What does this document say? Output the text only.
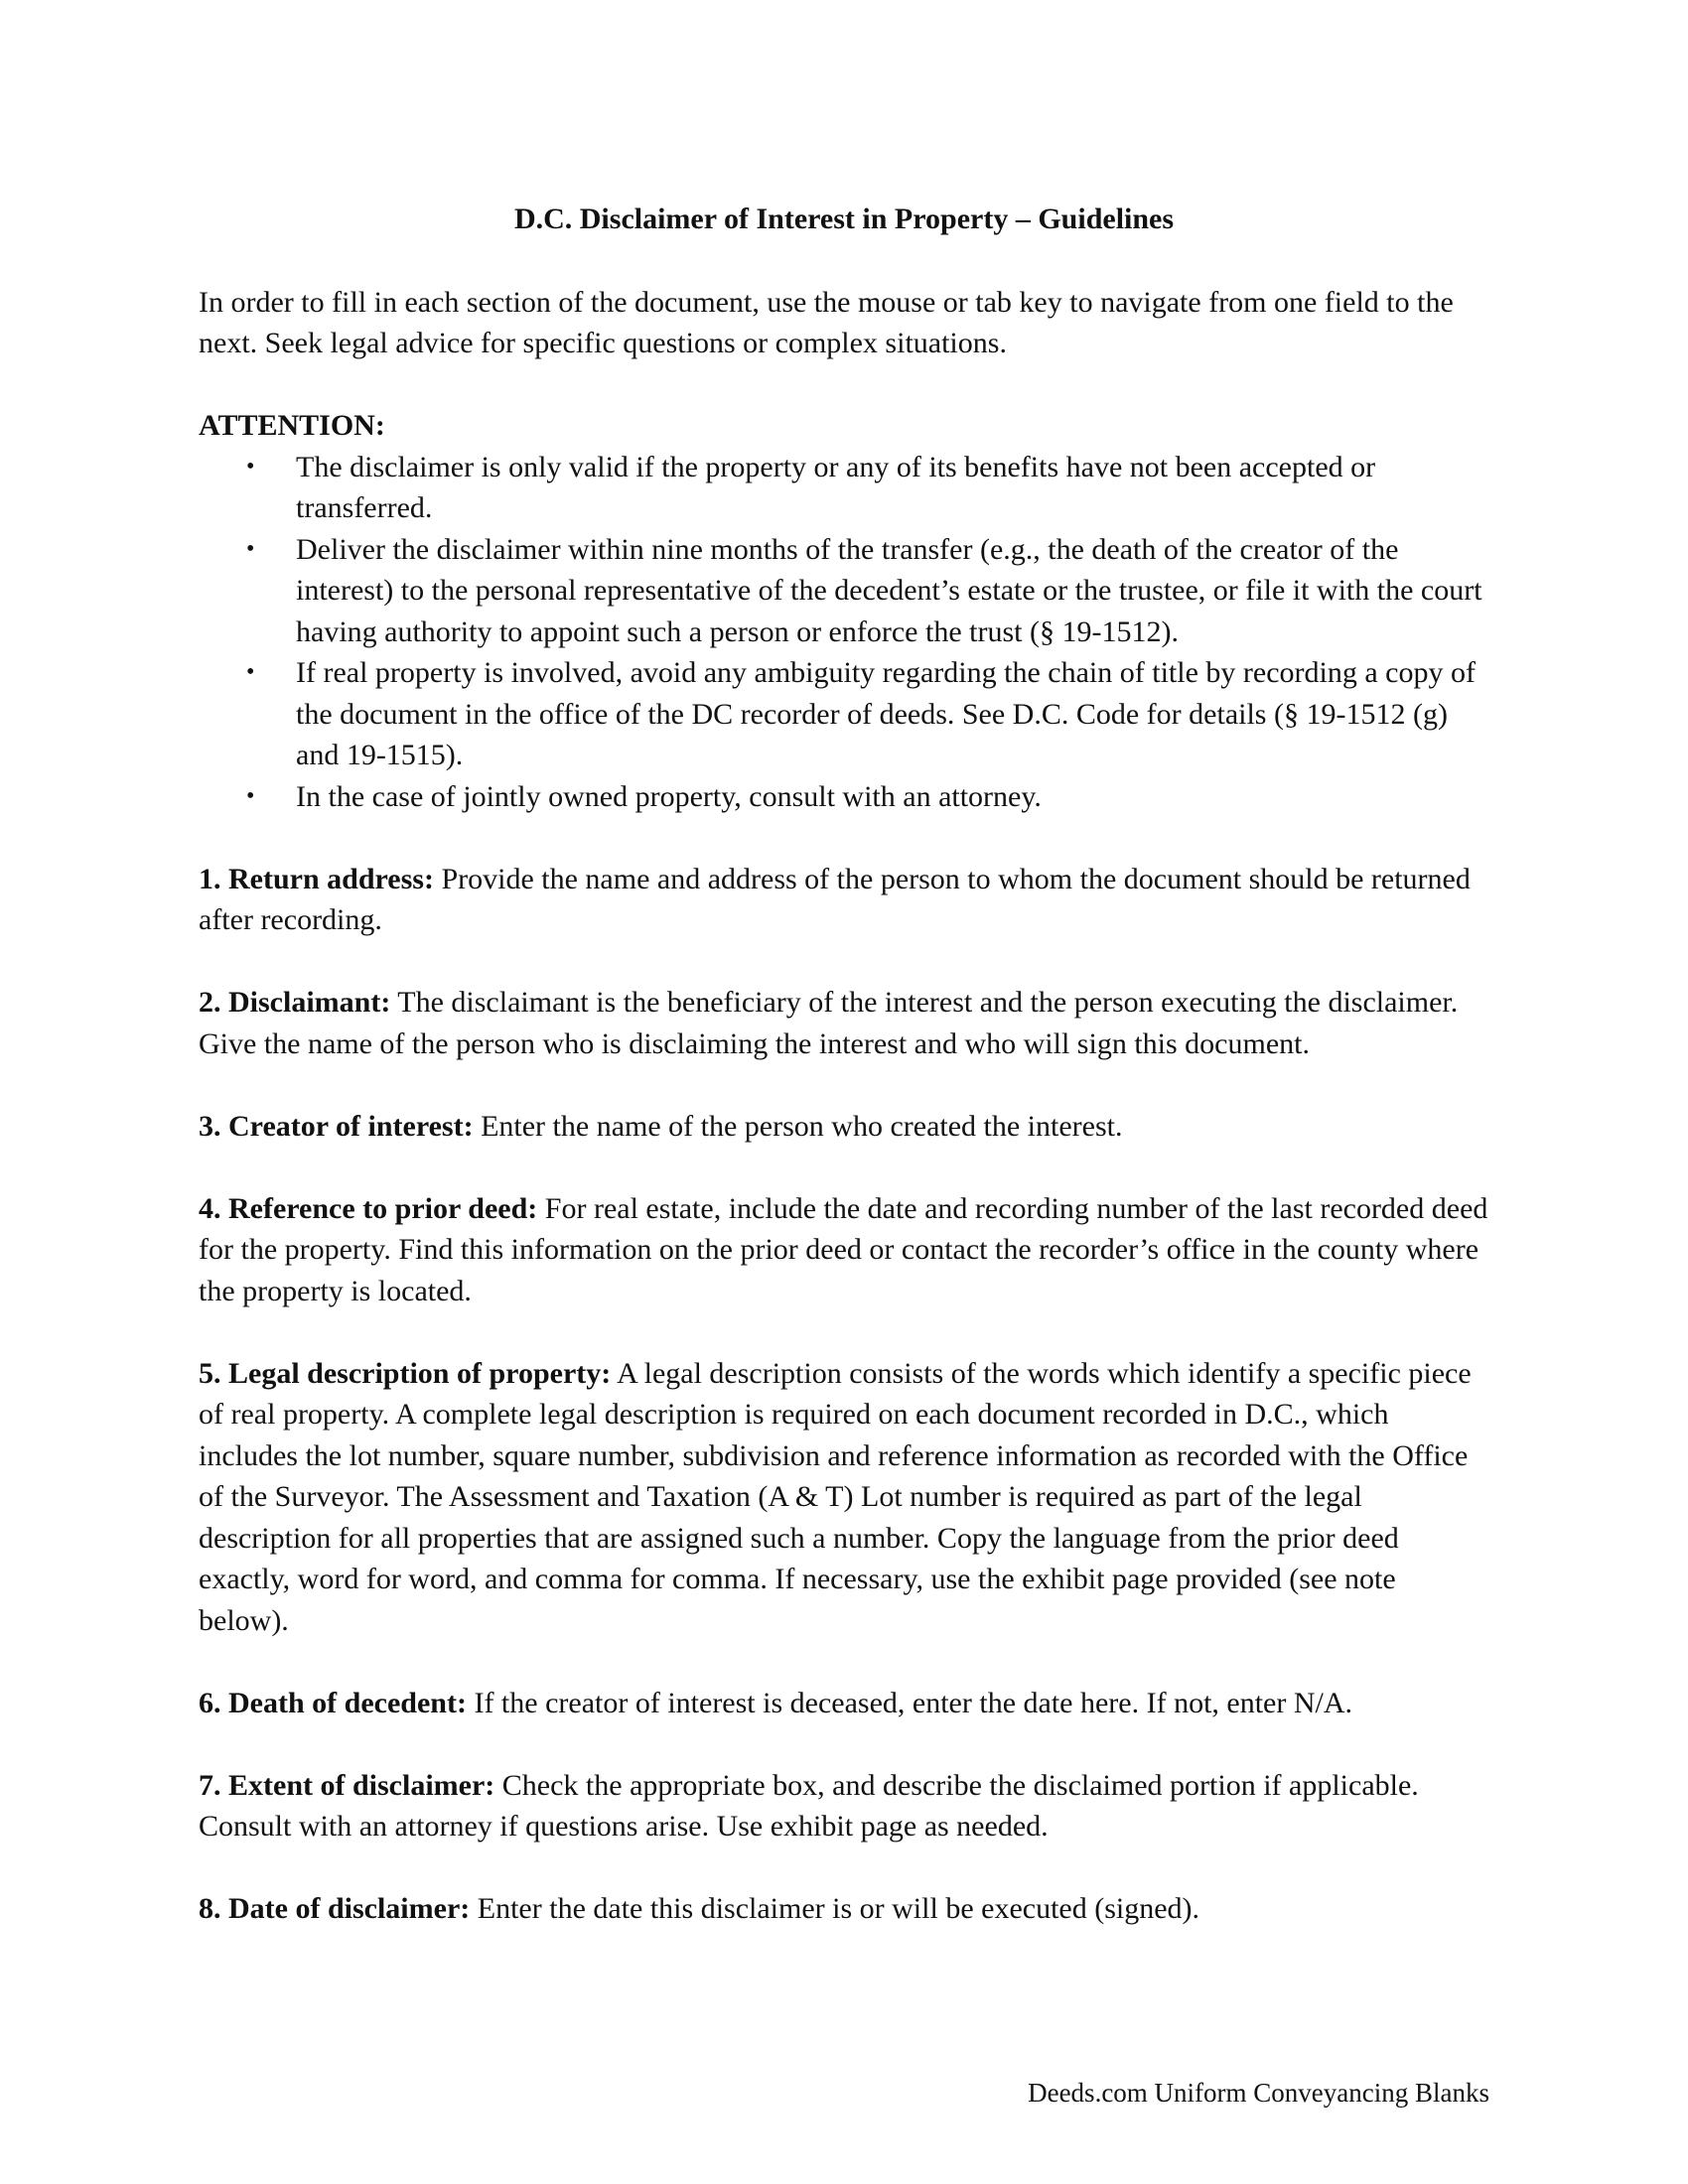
D.C. Disclaimer of Interest in Property – Guidelines

In order to fill in each section of the document, use the mouse or tab key to navigate from one field to the next. Seek legal advice for specific questions or complex situations.

ATTENTION:
• The disclaimer is only valid if the property or any of its benefits have not been accepted or transferred.
• Deliver the disclaimer within nine months of the transfer (e.g., the death of the creator of the interest) to the personal representative of the decedent’s estate or the trustee, or file it with the court having authority to appoint such a person or enforce the trust (§ 19-1512).
• If real property is involved, avoid any ambiguity regarding the chain of title by recording a copy of the document in the office of the DC recorder of deeds. See D.C. Code for details (§ 19-1512 (g) and 19-1515).
• In the case of jointly owned property, consult with an attorney.

1. Return address: Provide the name and address of the person to whom the document should be returned after recording.

2. Disclaimant: The disclaimant is the beneficiary of the interest and the person executing the disclaimer. Give the name of the person who is disclaiming the interest and who will sign this document.

3. Creator of interest: Enter the name of the person who created the interest.

4. Reference to prior deed: For real estate, include the date and recording number of the last recorded deed for the property. Find this information on the prior deed or contact the recorder’s office in the county where the property is located.

5. Legal description of property: A legal description consists of the words which identify a specific piece of real property. A complete legal description is required on each document recorded in D.C., which includes the lot number, square number, subdivision and reference information as recorded with the Office of the Surveyor. The Assessment and Taxation (A & T) Lot number is required as part of the legal description for all properties that are assigned such a number. Copy the language from the prior deed exactly, word for word, and comma for comma. If necessary, use the exhibit page provided (see note below).

6. Death of decedent: If the creator of interest is deceased, enter the date here. If not, enter N/A.

7. Extent of disclaimer: Check the appropriate box, and describe the disclaimed portion if applicable. Consult with an attorney if questions arise. Use exhibit page as needed.

8. Date of disclaimer: Enter the date this disclaimer is or will be executed (signed).

Deeds.com Uniform Conveyancing Blanks
